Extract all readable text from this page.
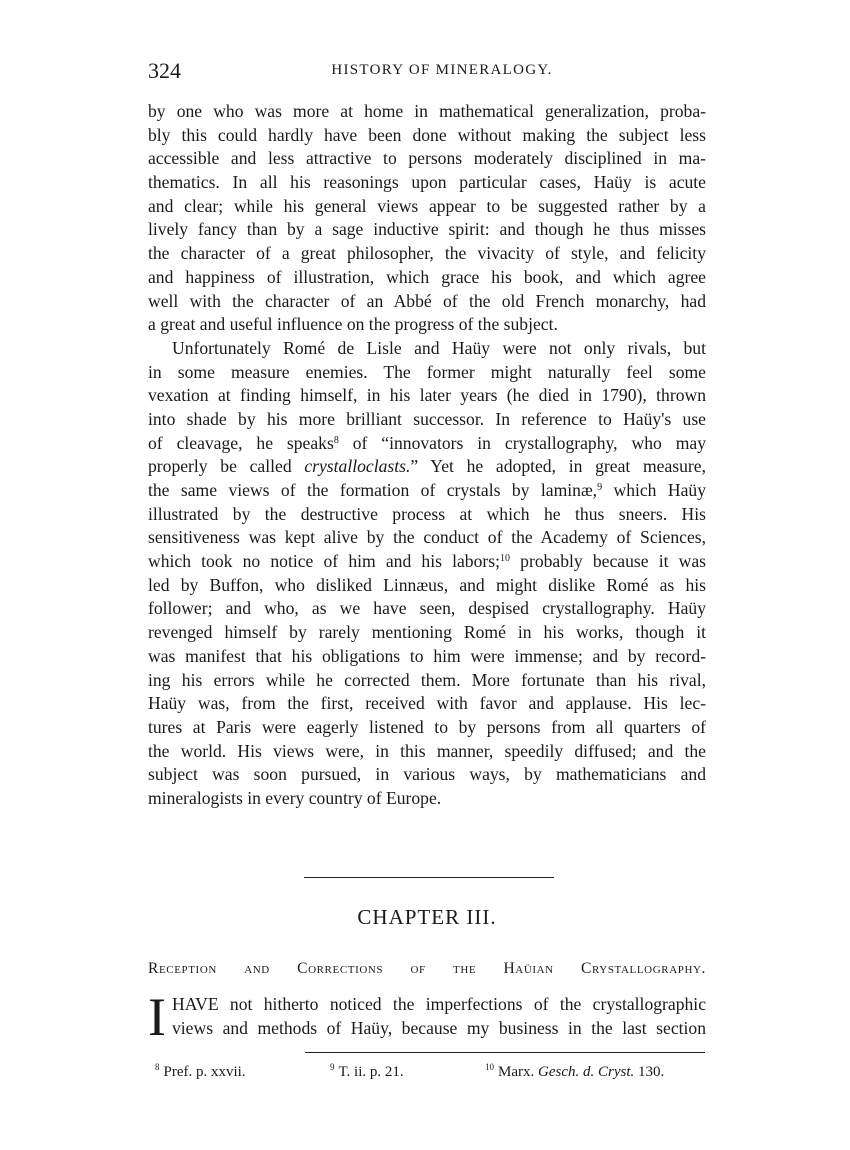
324	HISTORY OF MINERALOGY.
by one who was more at home in mathematical generalization, proba-
bly this could hardly have been done without making the subject less
accessible and less attractive to persons moderately disciplined in ma-
thematics. In all his reasonings upon particular cases, Haüy is acute
and clear; while his general views appear to be suggested rather by a
lively fancy than by a sage inductive spirit: and though he thus misses
the character of a great philosopher, the vivacity of style, and felicity
and happiness of illustration, which grace his book, and which agree
well with the character of an Abbé of the old French monarchy, had
a great and useful influence on the progress of the subject.
Unfortunately Romé de Lisle and Haüy were not only rivals, but
in some measure enemies. The former might naturally feel some
vexation at finding himself, in his later years (he died in 1790), thrown
into shade by his more brilliant successor. In reference to Haüy's use
of cleavage, he speaks$^8$ of “innovators in crystallography, who may
properly be called crystalloclasts.” Yet he adopted, in great measure,
the same views of the formation of crystals by laminæ,$^9$ which Haüy
illustrated by the destructive process at which he thus sneers. His
sensitiveness was kept alive by the conduct of the Academy of Sciences,
which took no notice of him and his labors;$^{10}$ probably because it was
led by Buffon, who disliked Linnæus, and might dislike Romé as his
follower; and who, as we have seen, despised crystallography. Haüy
revenged himself by rarely mentioning Romé in his works, though it
was manifest that his obligations to him were immense; and by record-
ing his errors while he corrected them. More fortunate than his rival,
Haüy was, from the first, received with favor and applause. His lec-
tures at Paris were eagerly listened to by persons from all quarters of
the world. His views were, in this manner, speedily diffused; and the
subject was soon pursued, in various ways, by mathematicians and
mineralogists in every country of Europe.
CHAPTER III.
Reception and Corrections of the Haüian Crystallography.
I HAVE not hitherto noticed the imperfections of the crystallographic
views and methods of Haüy, because my business in the last section
$^8$ Pref. p. xxvii.	$^9$ T. ii. p. 21.	$^{10}$ Marx. Gesch. d. Cryst. 130.
